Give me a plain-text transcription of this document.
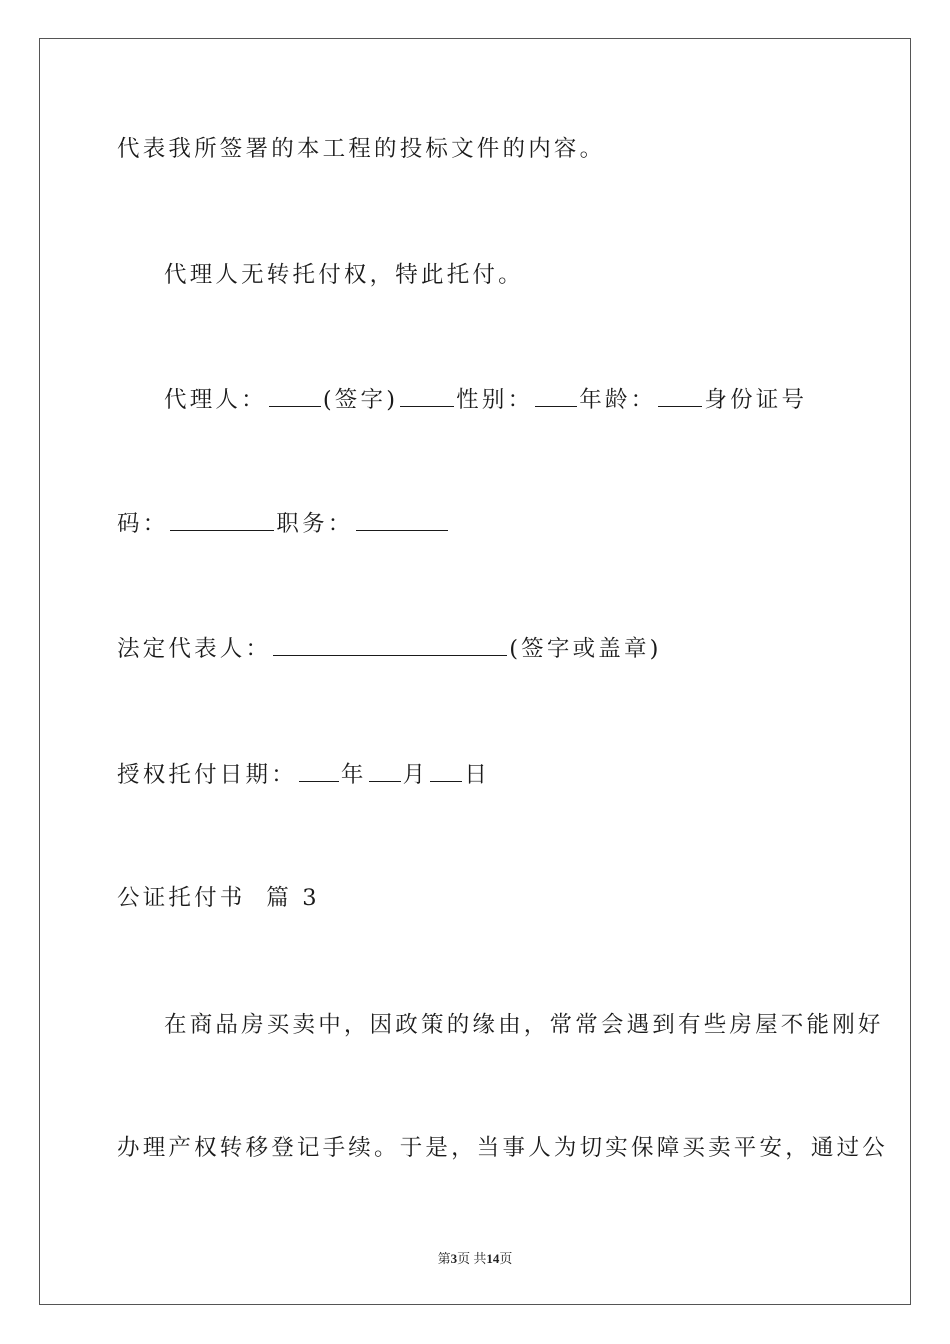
代表我所签署的本工程的投标文件的内容。
代理人无转托付权，特此托付。
代理人： (签字)	性别： 年龄： 身份证号
码：	职务：
法定代表人：	(签字或盖章)
授权托付日期： 年 月 日
公证托付书  篇 3
在商品房买卖中，因政策的缘由，常常会遇到有些房屋不能刚好
办理产权转移登记手续。于是，当事人为切实保障买卖平安，通过公
第3页 共14页
